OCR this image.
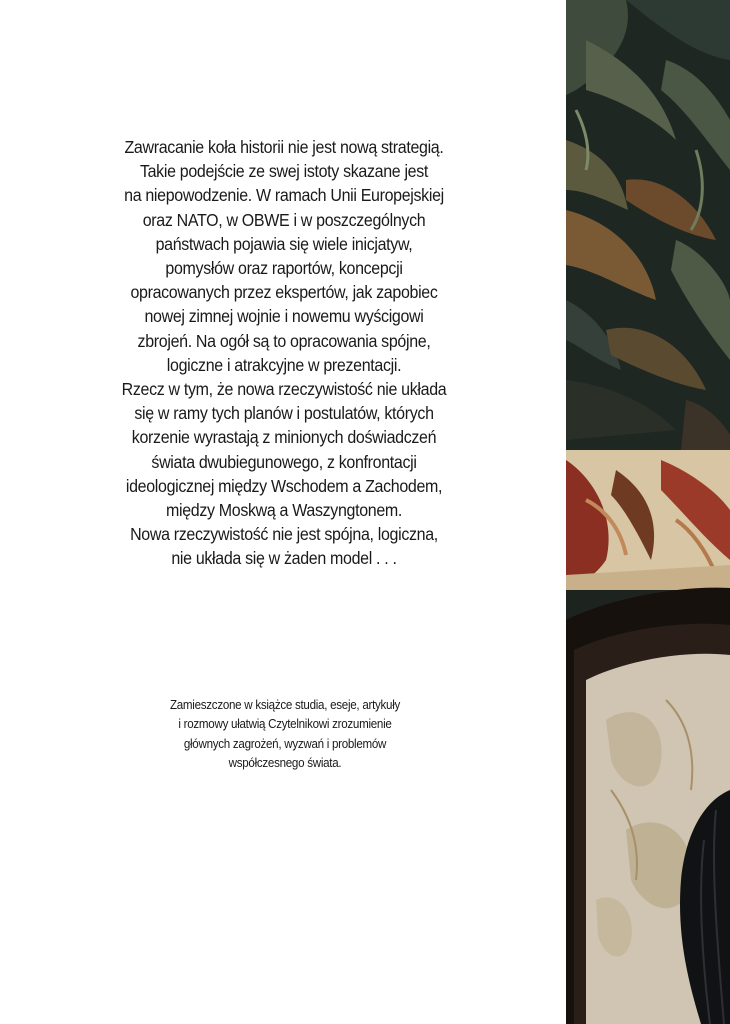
Zawracanie koła historii nie jest nową strategią.
Takie podejście ze swej istoty skazane jest
na niepowodzenie. W ramach Unii Europejskiej
oraz NATO, w OBWE i w poszczególnych
państwach pojawia się wiele inicjatyw,
pomysłów oraz raportów, koncepcji
opracowanych przez ekspertów, jak zapobiec
nowej zimnej wojnie i nowemu wyścigowi
zbrojeń. Na ogół są to opracowania spójne,
logiczne i atrakcyjne w prezentacji.
Rzecz w tym, że nowa rzeczywistość nie układa
się w ramy tych planów i postulatów, których
korzenie wyrastają z minionych doświadczeń
świata dwubiegunowego, z konfrontacji
ideologicznej między Wschodem a Zachodem,
między Moskwą a Waszyngtonem.
Nowa rzeczywistość nie jest spójna, logiczna,
nie układa się w żaden model . . .
Zamieszczone w książce studia, eseje, artykuły
i rozmowy ułatwią Czytelnikowi zrozumienie
głównych zagrożeń, wyzwań i problemów
współczesnego świata.
